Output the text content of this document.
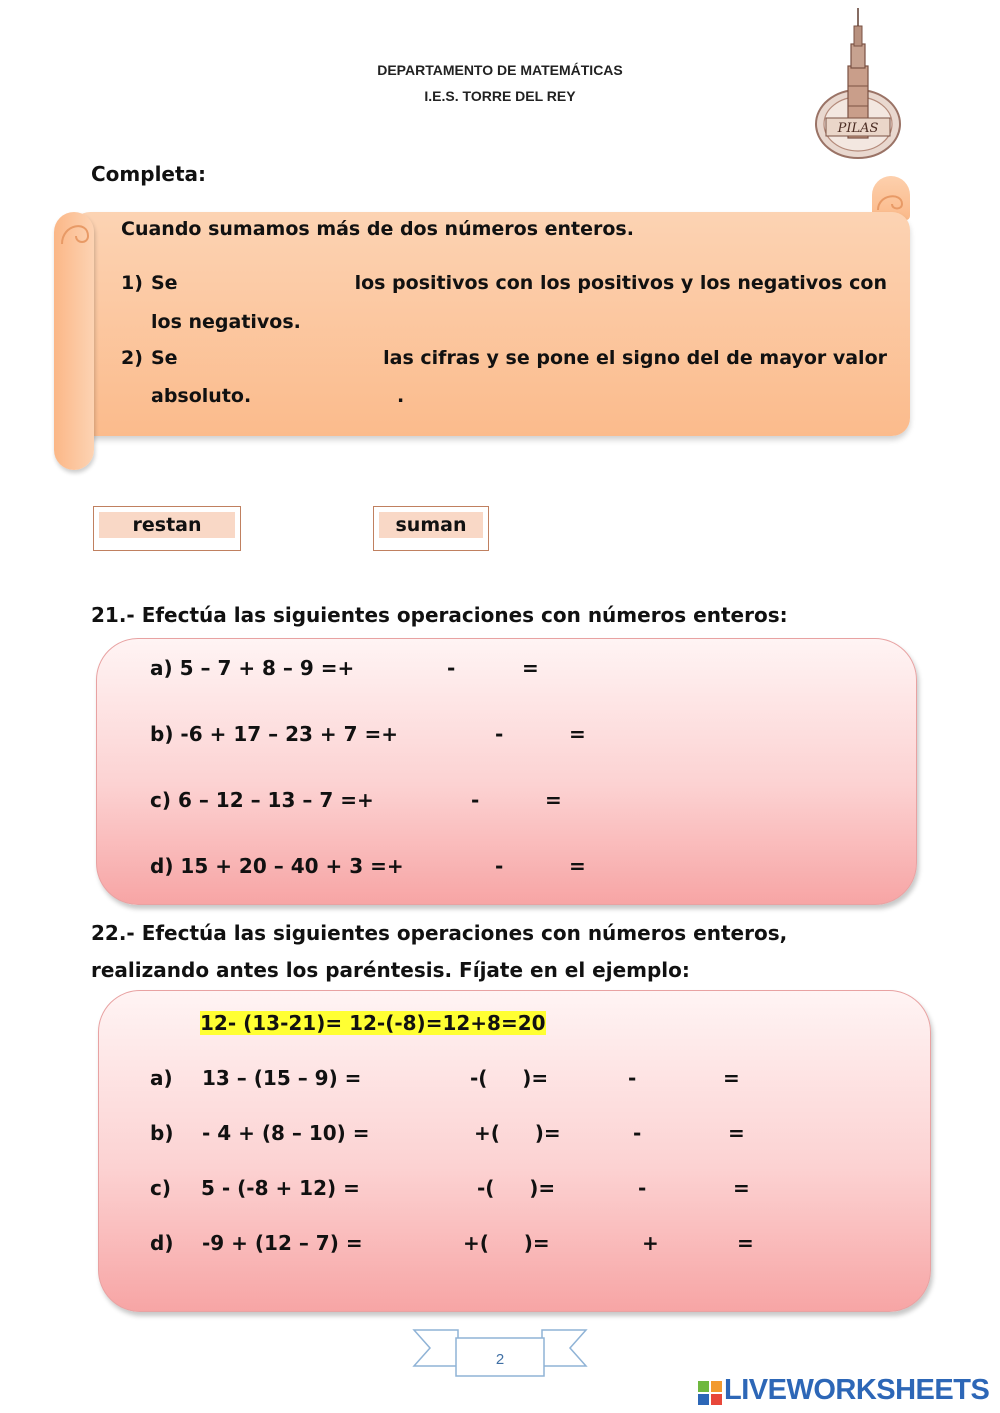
DEPARTAMENTO DE MATEMÁTICAS
I.E.S. TORRE DEL REY
PILAS
Completa:
Cuando sumamos más de dos números enteros.
1) Se	los positivos con los positivos y los negativos con
los negativos.
2) Se	las cifras y se pone el signo del de mayor valor
absoluto.	.
restan	suman
21.- Efectúa las siguientes operaciones con números enteros:
a) 5 – 7 + 8 – 9 =+	-	=
b) -6 + 17 – 23 + 7 =+	-	=
c) 6 – 12 – 13 – 7 =+	-	=
d) 15 + 20 – 40 + 3 =+	-	=
22.- Efectúa las siguientes operaciones con números enteros,
realizando antes los paréntesis. Fíjate en el ejemplo:
12- (13-21)= 12-(-8)=12+8=20
a) 13 – (15 – 9) =	-(     )=	-	=
b) - 4 + (8 – 10) =	+(     )=	-	=
c) 5 - (-8 + 12) =	-(     )=	-	=
d) -9 + (12 – 7) =	+(     )=	+	=
2
LIVEWORKSHEETS
